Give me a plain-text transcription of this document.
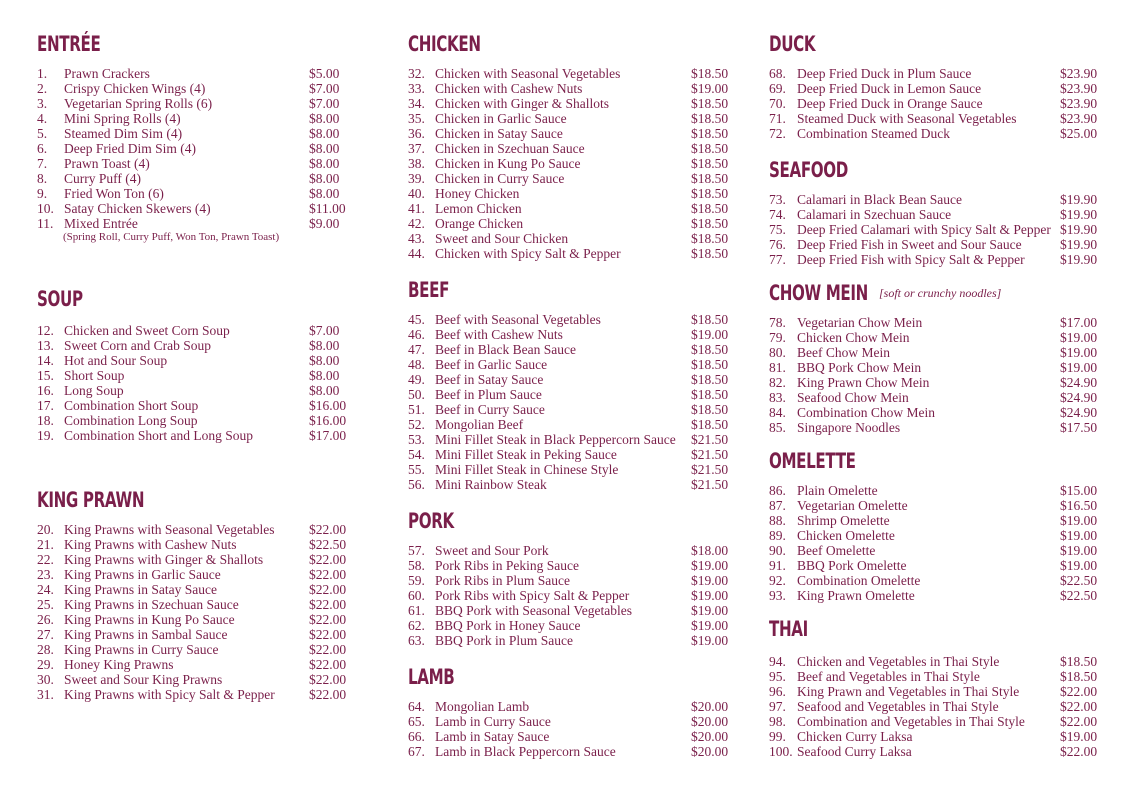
ENTRÉE
1. Prawn Crackers	$5.00
2. Crispy Chicken Wings (4)	$7.00
3. Vegetarian Spring Rolls (6)	$7.00
4. Mini Spring Rolls (4)	$8.00
5. Steamed Dim Sim (4)	$8.00
6. Deep Fried Dim Sim (4)	$8.00
7. Prawn Toast (4)	$8.00
8. Curry Puff (4)	$8.00
9. Fried Won Ton (6)	$8.00
10. Satay Chicken Skewers (4)	$11.00
11. Mixed Entrée	$9.00
(Spring Roll, Curry Puff, Won Ton, Prawn Toast)
SOUP
12. Chicken and Sweet Corn Soup	$7.00
13. Sweet Corn and Crab Soup	$8.00
14. Hot and Sour Soup	$8.00
15. Short Soup	$8.00
16. Long Soup	$8.00
17. Combination Short Soup	$16.00
18. Combination Long Soup	$16.00
19. Combination Short and Long Soup	$17.00
KING PRAWN
20. King Prawns with Seasonal Vegetables	$22.00
21. King Prawns with Cashew Nuts	$22.50
22. King Prawns with Ginger & Shallots	$22.00
23. King Prawns in Garlic Sauce	$22.00
24. King Prawns in Satay Sauce	$22.00
25. King Prawns in Szechuan Sauce	$22.00
26. King Prawns in Kung Po Sauce	$22.00
27. King Prawns in Sambal Sauce	$22.00
28. King Prawns in Curry Sauce	$22.00
29. Honey King Prawns	$22.00
30. Sweet and Sour King Prawns	$22.00
31. King Prawns with Spicy Salt & Pepper	$22.00
CHICKEN
32. Chicken with Seasonal Vegetables	$18.50
33. Chicken with Cashew Nuts	$19.00
34. Chicken with Ginger & Shallots	$18.50
35. Chicken in Garlic Sauce	$18.50
36. Chicken in Satay Sauce	$18.50
37. Chicken in Szechuan Sauce	$18.50
38. Chicken in Kung Po Sauce	$18.50
39. Chicken in Curry Sauce	$18.50
40. Honey Chicken	$18.50
41. Lemon Chicken	$18.50
42. Orange Chicken	$18.50
43. Sweet and Sour Chicken	$18.50
44. Chicken with Spicy Salt & Pepper	$18.50
BEEF
45. Beef with Seasonal Vegetables	$18.50
46. Beef with Cashew Nuts	$19.00
47. Beef in Black Bean Sauce	$18.50
48. Beef in Garlic Sauce	$18.50
49. Beef in Satay Sauce	$18.50
50. Beef in Plum Sauce	$18.50
51. Beef in Curry Sauce	$18.50
52. Mongolian Beef	$18.50
53. Mini Fillet Steak in Black Peppercorn Sauce $21.50
54. Mini Fillet Steak in Peking Sauce	$21.50
55. Mini Fillet Steak in Chinese Style	$21.50
56. Mini Rainbow Steak	$21.50
PORK
57. Sweet and Sour Pork	$18.00
58. Pork Ribs in Peking Sauce	$19.00
59. Pork Ribs in Plum Sauce	$19.00
60. Pork Ribs with Spicy Salt & Pepper	$19.00
61. BBQ Pork with Seasonal Vegetables	$19.00
62. BBQ Pork in Honey Sauce	$19.00
63. BBQ Pork in Plum Sauce	$19.00
LAMB
64. Mongolian Lamb	$20.00
65. Lamb in Curry Sauce	$20.00
66. Lamb in Satay Sauce	$20.00
67. Lamb in Black Peppercorn Sauce	$20.00
DUCK
68. Deep Fried Duck in Plum Sauce	$23.90
69. Deep Fried Duck in Lemon Sauce	$23.90
70. Deep Fried Duck in Orange Sauce	$23.90
71. Steamed Duck with Seasonal Vegetables	$23.90
72. Combination Steamed Duck	$25.00
SEAFOOD
73. Calamari in Black Bean Sauce	$19.90
74. Calamari in Szechuan Sauce	$19.90
75. Deep Fried Calamari with Spicy Salt & Pepper $19.90
76. Deep Fried Fish in Sweet and Sour Sauce	$19.90
77. Deep Fried Fish with Spicy Salt & Pepper	$19.90
CHOW MEIN [soft or crunchy noodles]
78. Vegetarian Chow Mein	$17.00
79. Chicken Chow Mein	$19.00
80. Beef Chow Mein	$19.00
81. BBQ Pork Chow Mein	$19.00
82. King Prawn Chow Mein	$24.90
83. Seafood Chow Mein	$24.90
84. Combination Chow Mein	$24.90
85. Singapore Noodles	$17.50
OMELETTE
86. Plain Omelette	$15.00
87. Vegetarian Omelette	$16.50
88. Shrimp Omelette	$19.00
89. Chicken Omelette	$19.00
90. Beef Omelette	$19.00
91. BBQ Pork Omelette	$19.00
92. Combination Omelette	$22.50
93. King Prawn Omelette	$22.50
THAI
94. Chicken and Vegetables in Thai Style	$18.50
95. Beef and Vegetables in Thai Style	$18.50
96. King Prawn and Vegetables in Thai Style	$22.00
97. Seafood and Vegetables in Thai Style	$22.00
98. Combination and Vegetables in Thai Style	$22.00
99. Chicken Curry Laksa	$19.00
100. Seafood Curry Laksa	$22.00
